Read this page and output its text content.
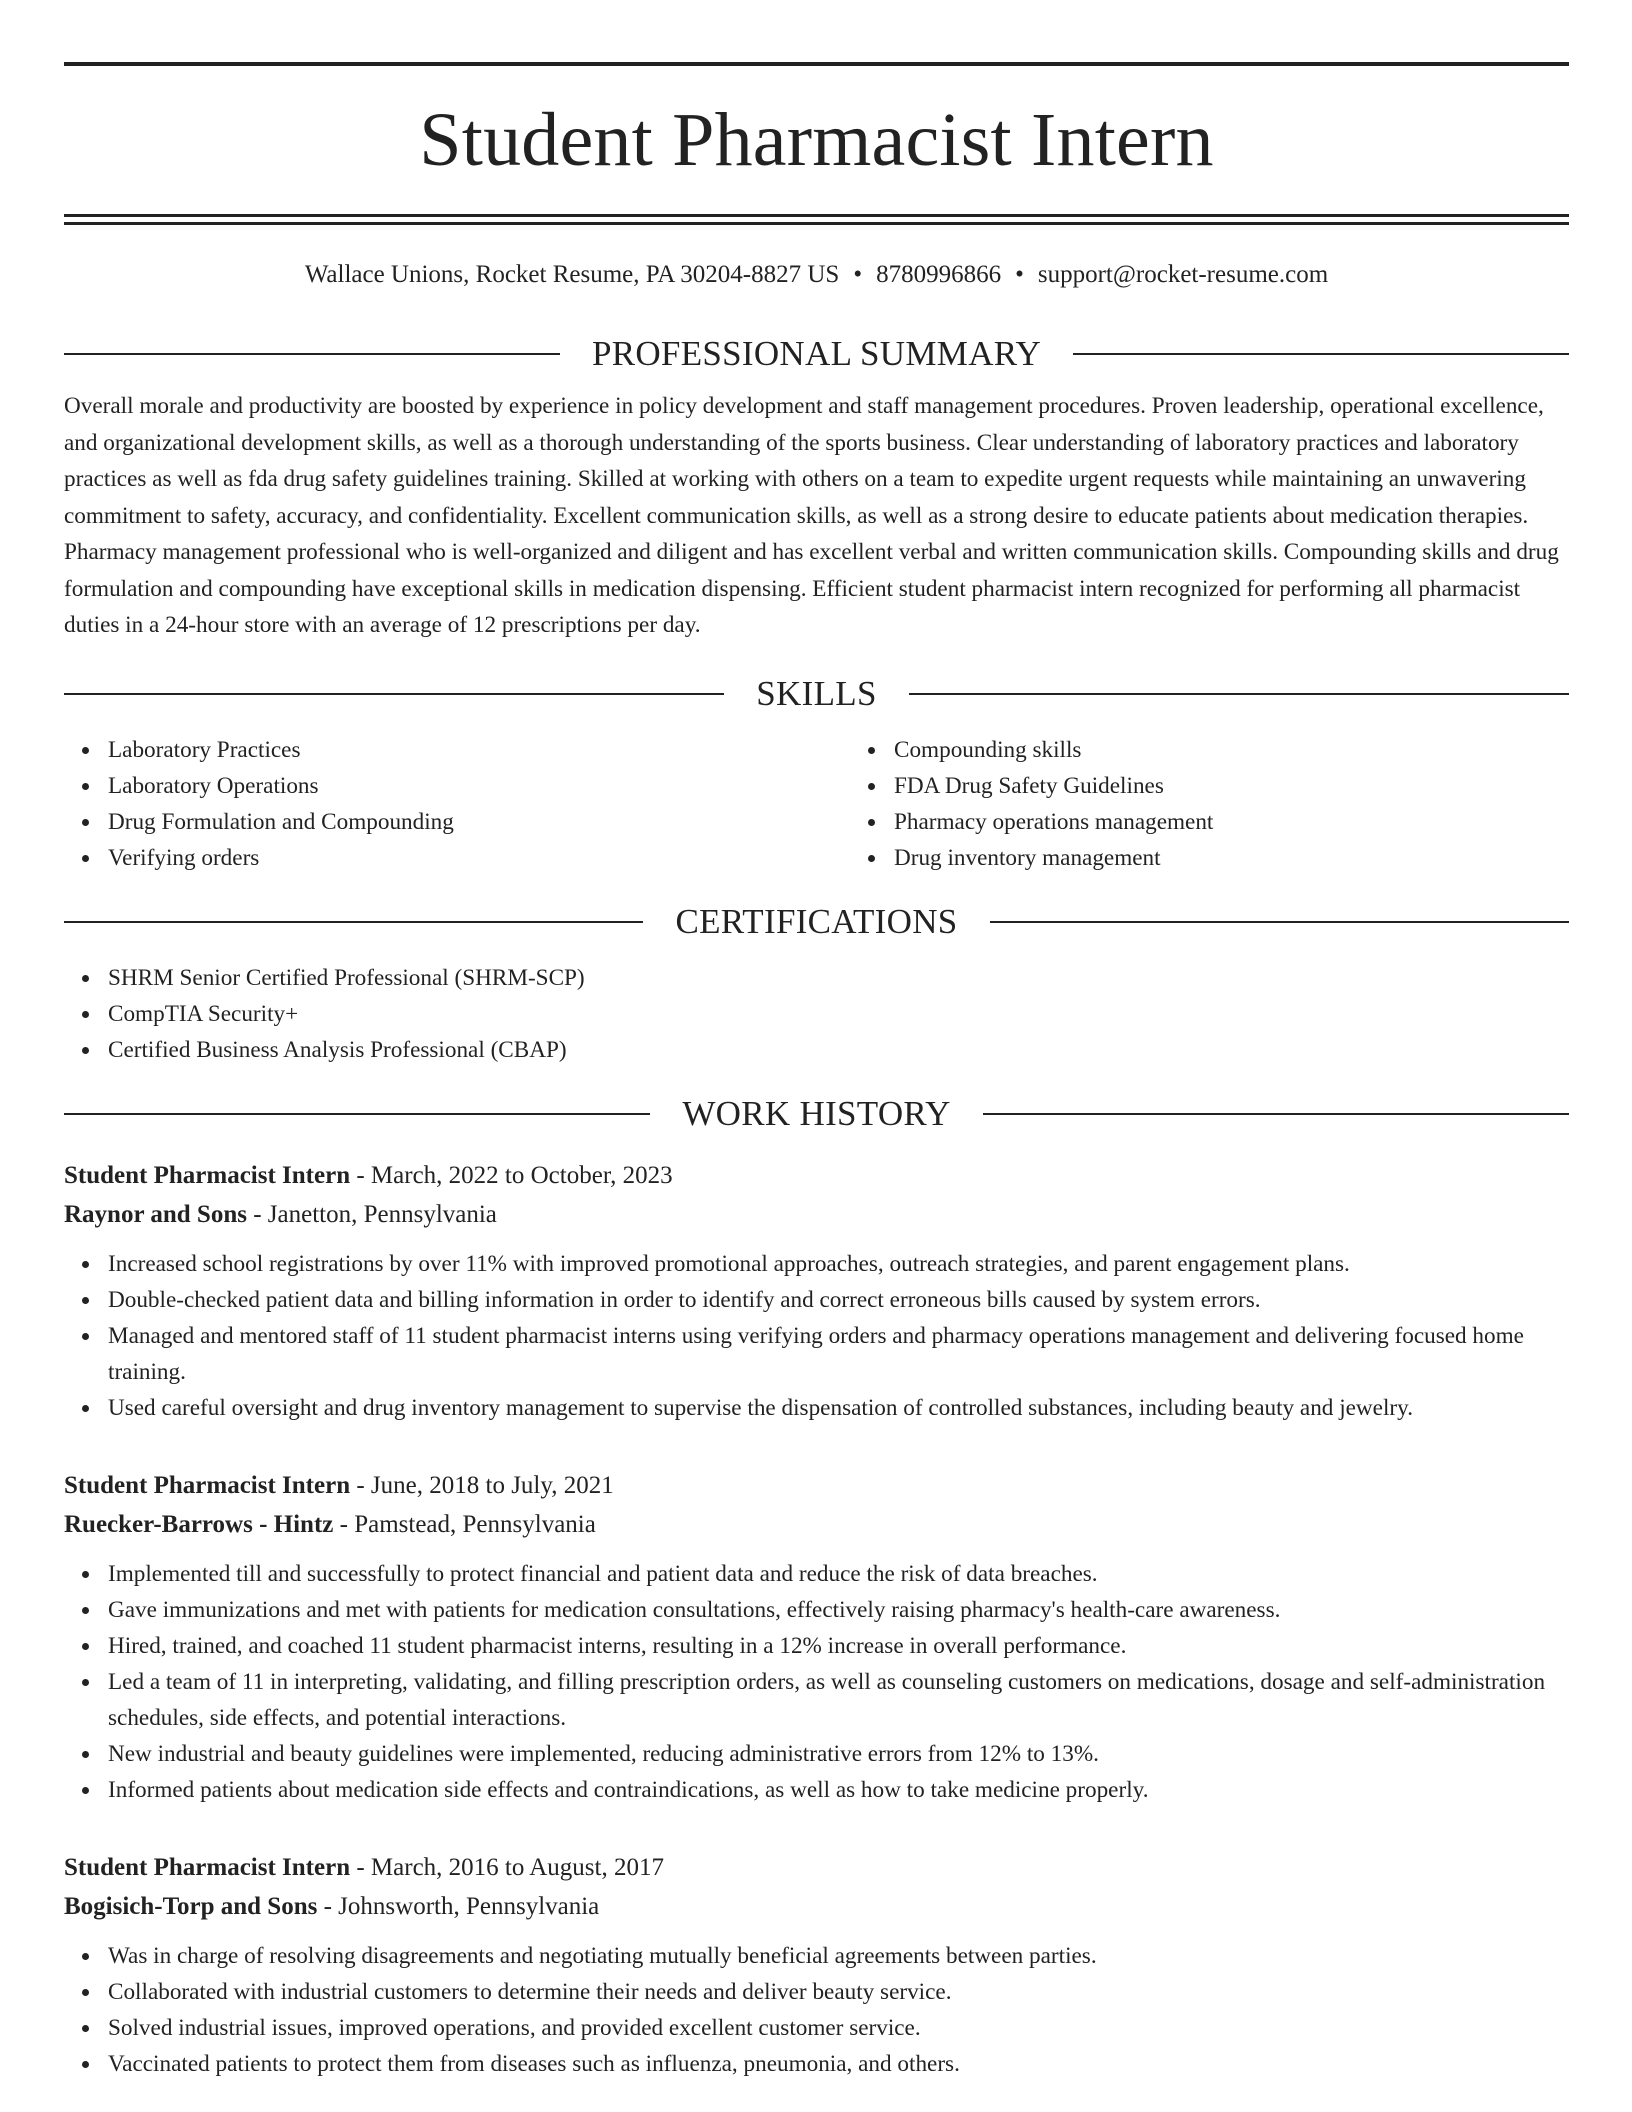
Student Pharmacist Intern
Wallace Unions, Rocket Resume, PA 30204-8827 US • 8780996866 • support@rocket-resume.com
PROFESSIONAL SUMMARY

Overall morale and productivity are boosted by experience in policy development and staff management procedures. Proven leadership, operational excellence, and organizational development skills, as well as a thorough understanding of the sports business. Clear understanding of laboratory practices and laboratory practices as well as fda drug safety guidelines training. Skilled at working with others on a team to expedite urgent requests while maintaining an unwavering commitment to safety, accuracy, and confidentiality. Excellent communication skills, as well as a strong desire to educate patients about medication therapies. Pharmacy management professional who is well-organized and diligent and has excellent verbal and written communication skills. Compounding skills and drug formulation and compounding have exceptional skills in medication dispensing. Efficient student pharmacist intern recognized for performing all pharmacist duties in a 24-hour store with an average of 12 prescriptions per day.

SKILLS
Laboratory Practices
Laboratory Operations
Drug Formulation and Compounding
Verifying orders
Compounding skills
FDA Drug Safety Guidelines
Pharmacy operations management
Drug inventory management
CERTIFICATIONS
SHRM Senior Certified Professional (SHRM-SCP)
CompTIA Security+
Certified Business Analysis Professional (CBAP)
WORK HISTORY
Student Pharmacist Intern - March, 2022 to October, 2023
Raynor and Sons - Janetton, Pennsylvania
Increased school registrations by over 11% with improved promotional approaches, outreach strategies, and parent engagement plans.
Double-checked patient data and billing information in order to identify and correct erroneous bills caused by system errors.
Managed and mentored staff of 11 student pharmacist interns using verifying orders and pharmacy operations management and delivering focused home training.
Used careful oversight and drug inventory management to supervise the dispensation of controlled substances, including beauty and jewelry.
Student Pharmacist Intern - June, 2018 to July, 2021
Ruecker-Barrows - Hintz - Pamstead, Pennsylvania
Implemented till and successfully to protect financial and patient data and reduce the risk of data breaches.
Gave immunizations and met with patients for medication consultations, effectively raising pharmacy's health-care awareness.
Hired, trained, and coached 11 student pharmacist interns, resulting in a 12% increase in overall performance.
Led a team of 11 in interpreting, validating, and filling prescription orders, as well as counseling customers on medications, dosage and self-administration schedules, side effects, and potential interactions.
New industrial and beauty guidelines were implemented, reducing administrative errors from 12% to 13%.
Informed patients about medication side effects and contraindications, as well as how to take medicine properly.
Student Pharmacist Intern - March, 2016 to August, 2017
Bogisich-Torp and Sons - Johnsworth, Pennsylvania
Was in charge of resolving disagreements and negotiating mutually beneficial agreements between parties.
Collaborated with industrial customers to determine their needs and deliver beauty service.
Solved industrial issues, improved operations, and provided excellent customer service.
Vaccinated patients to protect them from diseases such as influenza, pneumonia, and others.
